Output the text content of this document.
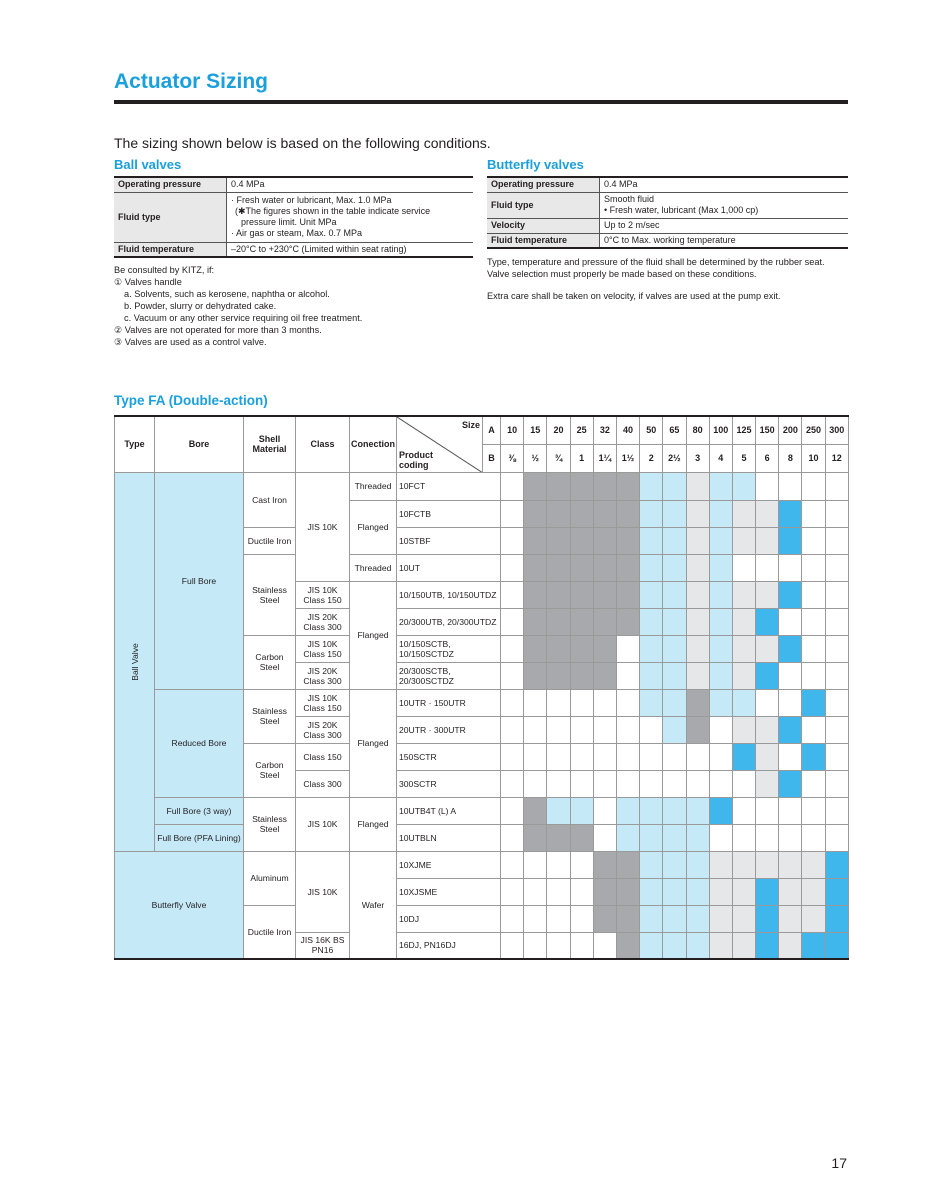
Actuator Sizing
The sizing shown below is based on the following conditions.
Ball valves
Operating pressure	0.4 MPa
Fluid type	· Fresh water or lubricant, Max. 1.0 MPa
(✱The figures shown in the table indicate service
pressure limit. Unit MPa
· Air gas or steam, Max. 0.7 MPa

Fluid temperature	–20°C to +230°C (Limited within seat rating)
Be consulted by KITZ, if:
① Valves handle
a. Solvents, such as kerosene, naphtha or alcohol.
b. Powder, slurry or dehydrated cake.
c. Vacuum or any other service requiring oil free treatment.
② Valves are not operated for more than 3 months.
③ Valves are used as a control valve.
Butterfly valves
Operating pressure	0.4 MPa
Fluid type	Smooth fluid
• Fresh water, lubricant (Max 1,000 cp)

Velocity	Up to 2 m/sec
Fluid temperature	0°C to Max. working temperature
Type, temperature and pressure of the fluid shall be determined by the rubber seat. Valve selection must properly be made based on these conditions.
Extra care shall be taken on velocity, if valves are used at the pump exit.
Type FA (Double-action)
Type	Bore	Shell Material	Class	Conection	Size
Product coding	A	10	15	20	25	32	40	50	65	80	100	125	150	200	250	300
						B	⅜	½	¾	1	1¼	1½	2	2½	3	4	5	6	8	10	12
Ball Valve	Full Bore	Cast Iron	JIS 10K	Threaded	10FCT																
				Flanged	10FCTB																
		Ductile Iron			10STBF																
		Stainless Steel		Threaded	10UT																
			JIS 10K Class 150	Flanged	10/150UTB, 10/150UTDZ																
			JIS 20K Class 300		20/300UTB, 20/300UTDZ																
		Carbon Steel	JIS 10K Class 150		10/150SCTB, 10/150SCTDZ																
			JIS 20K Class 300		20/300SCTB, 20/300SCTDZ																
	Reduced Bore	Stainless Steel	JIS 10K Class 150	Flanged	10UTR · 150UTR																
			JIS 20K Class 300		20UTR · 300UTR																
		Carbon Steel	Class 150		150SCTR																
			Class 300		300SCTR																
	Full Bore (3 way)	Stainless Steel	JIS 10K	Flanged	10UTB4T (L) A																
	Full Bore (PFA Lining)				10UTBLN																
Butterfly Valve		Aluminum	JIS 10K	Wafer	10XJME																
					10XJSME																
		Ductile Iron			10DJ																
			JIS 16K BS PN16		16DJ, PN16DJ																
17
